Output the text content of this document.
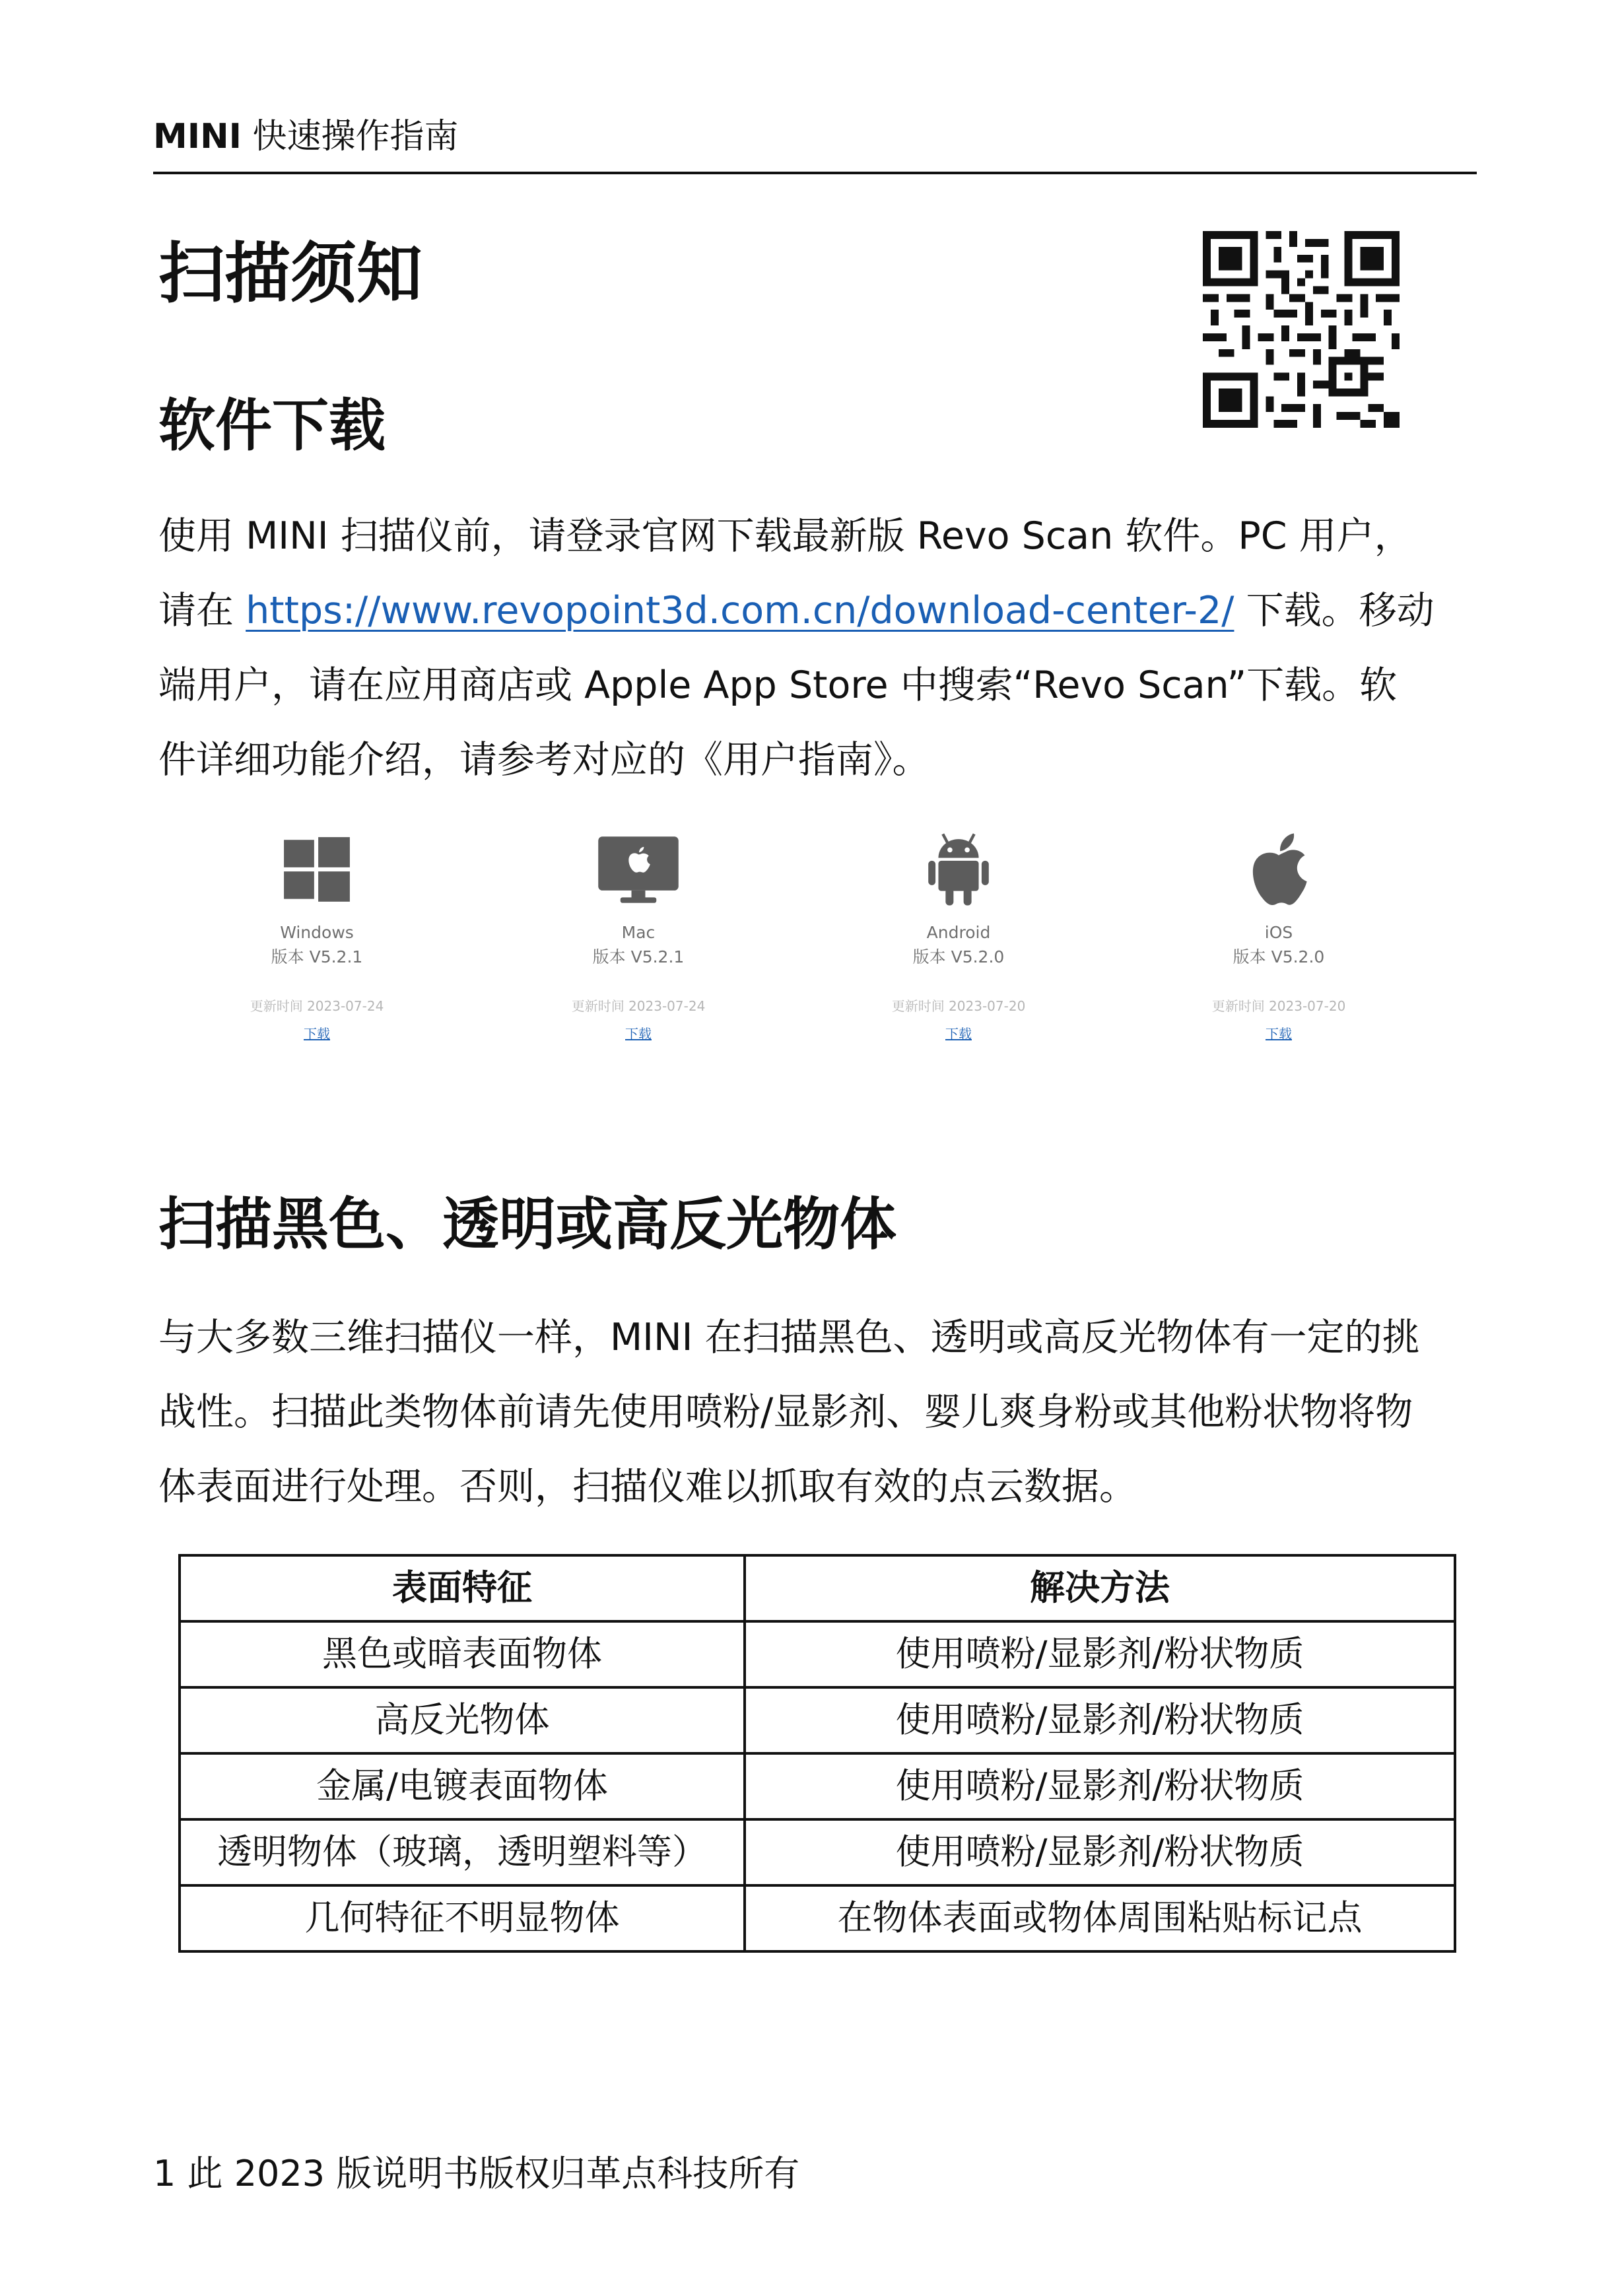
MINI 快速操作指南
扫描须知
软件下载
使用 MINI 扫描仪前，请登录官网下载最新版 Revo Scan 软件。PC 用户，
请在 https://www.revopoint3d.com.cn/download-center-2/ 下载。移动
端用户，请在应用商店或 Apple App Store 中搜索“Revo Scan”下载。软
件详细功能介绍，请参考对应的《用户指南》。
Windows
版本 V5.2.1
更新时间 2023-07-24
下载
Mac
版本 V5.2.1
更新时间 2023-07-24
下载
Android
版本 V5.2.0
更新时间 2023-07-20
下载
iOS
版本 V5.2.0
更新时间 2023-07-20
下载
扫描黑色、透明或高反光物体
与大多数三维扫描仪一样，MINI 在扫描黑色、透明或高反光物体有一定的挑
战性。扫描此类物体前请先使用喷粉/显影剂、婴儿爽身粉或其他粉状物将物
体表面进行处理。否则，扫描仪难以抓取有效的点云数据。
表面特征	解决方法
黑色或暗表面物体	使用喷粉/显影剂/粉状物质
高反光物体	使用喷粉/显影剂/粉状物质
金属/电镀表面物体	使用喷粉/显影剂/粉状物质
透明物体（玻璃，透明塑料等）	使用喷粉/显影剂/粉状物质
几何特征不明显物体	在物体表面或物体周围粘贴标记点
1 此 2023 版说明书版权归革点科技所有
